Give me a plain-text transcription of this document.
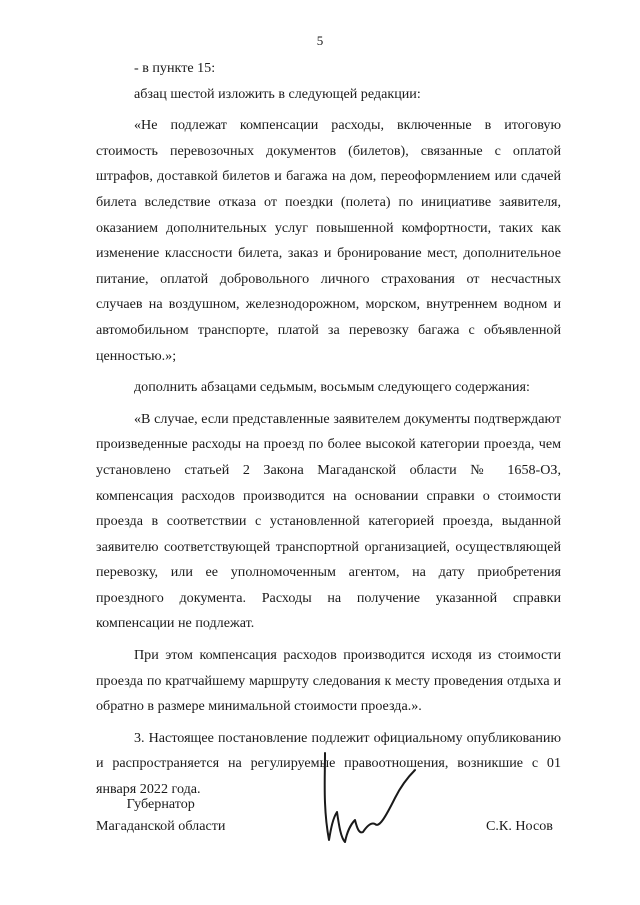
5

- в пункте 15:

абзац шестой изложить в следующей редакции:

«Не подлежат компенсации расходы, включенные в итоговую стоимость перевозочных документов (билетов), связанные с оплатой штрафов, доставкой билетов и багажа на дом, переоформлением или сдачей билета вследствие отказа от поездки (полета) по инициативе заявителя, оказанием дополнительных услуг повышенной комфортности, таких как изменение классности билета, заказ и бронирование мест, дополнительное питание, оплатой добровольного личного страхования от несчастных случаев на воздушном, железнодорожном, морском, внутреннем водном и автомобильном транспорте, платой за перевозку багажа с объявленной ценностью.»;

дополнить абзацами седьмым, восьмым следующего содержания:

«В случае, если представленные заявителем документы подтверждают произведенные расходы на проезд по более высокой категории проезда, чем установлено статьей 2 Закона Магаданской области № 1658-ОЗ, компенсация расходов производится на основании справки о стоимости проезда в соответствии с установленной категорией проезда, выданной заявителю соответствующей транспортной организацией, осуществляющей перевозку, или ее уполномоченным агентом, на дату приобретения проездного документа. Расходы на получение указанной справки компенсации не подлежат.

При этом компенсация расходов производится исходя из стоимости проезда по кратчайшему маршруту следования к месту проведения отдыха и обратно в размере минимальной стоимости проезда.».

3. Настоящее постановление подлежит официальному опубликованию и распространяется на регулируемые правоотношения, возникшие с 01 января 2022 года.

Губернатор
Магаданской области	С.К. Носов
